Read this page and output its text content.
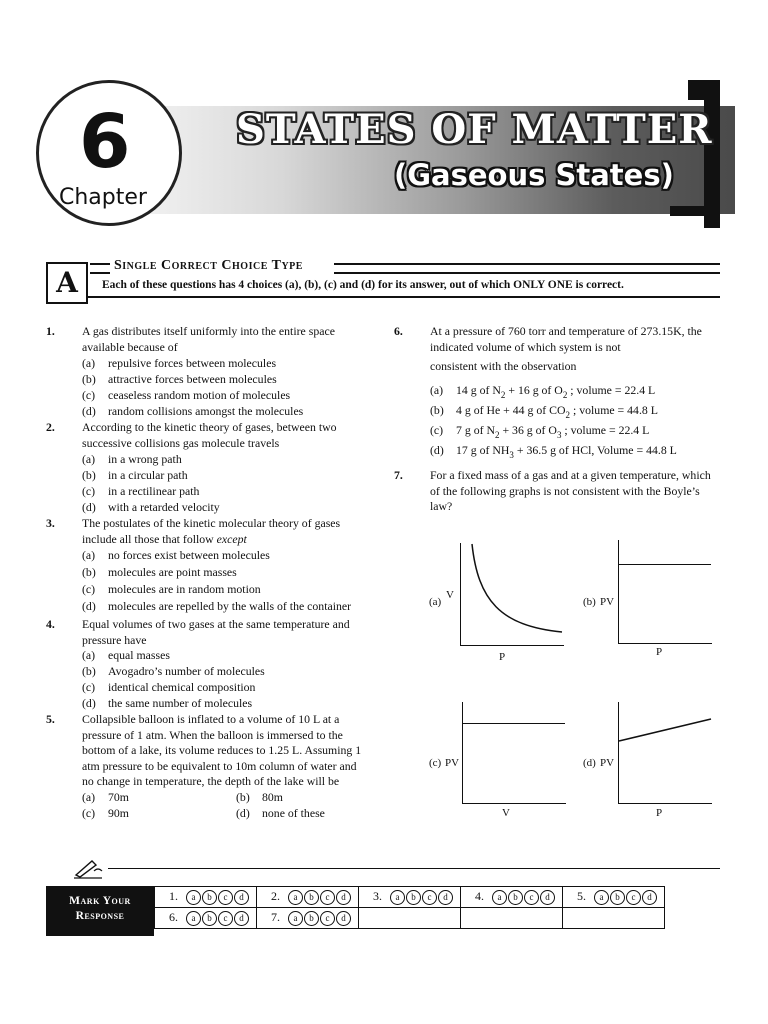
6
Chapter
STATES OF MATTER
(Gaseous States)
A
Single Correct Choice Type
Each of these questions has 4 choices (a), (b), (c) and (d) for its answer, out of which ONLY ONE is correct.
1. A gas distributes itself uniformly into the entire space
available because of
(a) repulsive forces between molecules
(b) attractive forces between molecules
(c) ceaseless random motion of molecules
(d) random collisions amongst the molecules
2. According to the kinetic theory of gases, between two
successive collisions gas molecule travels
(a) in a wrong path
(b) in a circular path
(c) in a rectilinear path
(d) with a retarded velocity
3. The postulates of the kinetic molecular theory of gases
include all those that follow except
(a) no forces exist between molecules
(b) molecules are point masses
(c) molecules are in random motion
(d) molecules are repelled by the walls of the container
4. Equal volumes of two gases at the same temperature and
pressure have
(a) equal masses
(b) Avogadro’s number of molecules
(c) identical chemical composition
(d) the same number of molecules
5. Collapsible balloon is inflated to a volume of 10 L at a
pressure of 1 atm. When the balloon is immersed to the
bottom of a lake, its volume reduces to 1.25 L. Assuming 1
atm pressure to be equivalent to 10m column of water and
no change in temperature, the depth of the lake will be
(a) 70m	(b) 80m
(c) 90m	(d) none of these
6. At a pressure of 760 torr and temperature of 273.15K, the
indicated volume of which system is not
consistent with the observation
(a) 14 g of $N_2 + 16$ g of $O_2$ ; volume = 22.4 L
(b) 4 g of He + 44 g of $CO_2$ ; volume = 44.8 L
(c) 7 g of $N_2 + 36$ g of $O_3$ ; volume = 22.4 L
(d) 17 g of $NH_3 + 36.5$ g of HCl, Volume = 44.8 L
7. For a fixed mass of a gas and at a given temperature, which
of the following graphs is not consistent with the Boyle’s
law?
(a)
V
P
(b) PV
P
(c) PV
V
(d) PV
P
Mark Your
Response
1. a b c d	2. a b c d	3. a b c d	4. a b c d	5. a b c d
6. a b c d	7. a b c d			
